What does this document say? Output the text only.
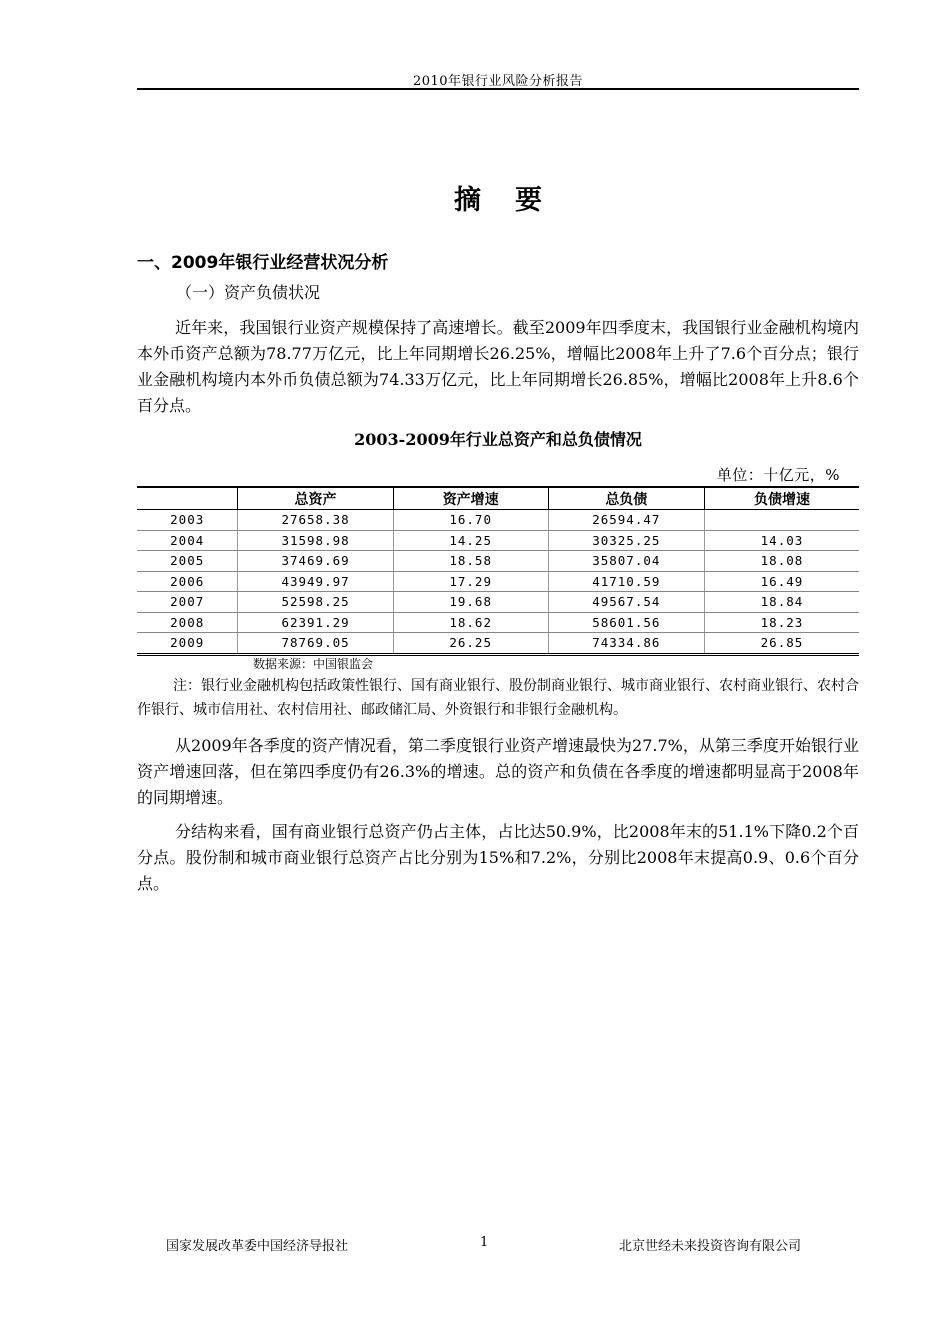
2010年银行业风险分析报告
摘要
一、2009年银行业经营状况分析
（一）资产负债状况

近年来，我国银行业资产规模保持了高速增长。截至2009年四季度末，我国银行业金融机构境内本外币资产总额为78.77万亿元，比上年同期增长26.25%，增幅比2008年上升了7.6个百分点；银行业金融机构境内本外币负债总额为74.33万亿元，比上年同期增长26.85%，增幅比2008年上升8.6个百分点。

2003-2009年行业总资产和总负债情况
单位：十亿元，%
	总资产	资产增速	总负债	负债增速
2003	27658.38	16.70	26594.47	
2004	31598.98	14.25	30325.25	14.03
2005	37469.69	18.58	35807.04	18.08
2006	43949.97	17.29	41710.59	16.49
2007	52598.25	19.68	49567.54	18.84
2008	62391.29	18.62	58601.56	18.23
2009	78769.05	26.25	74334.86	26.85
数据来源：中国银监会

注：银行业金融机构包括政策性银行、国有商业银行、股份制商业银行、城市商业银行、农村商业银行、农村合作银行、城市信用社、农村信用社、邮政储汇局、外资银行和非银行金融机构。

从2009年各季度的资产情况看，第二季度银行业资产增速最快为27.7%，从第三季度开始银行业资产增速回落，但在第四季度仍有26.3%的增速。总的资产和负债在各季度的增速都明显高于2008年的同期增速。

分结构来看，国有商业银行总资产仍占主体，占比达50.9%，比2008年末的51.1%下降0.2个百分点。股份制和城市商业银行总资产占比分别为15%和7.2%，分别比2008年末提高0.9、0.6个百分点。

国家发展改革委中国经济导报社	1	北京世经未来投资咨询有限公司
